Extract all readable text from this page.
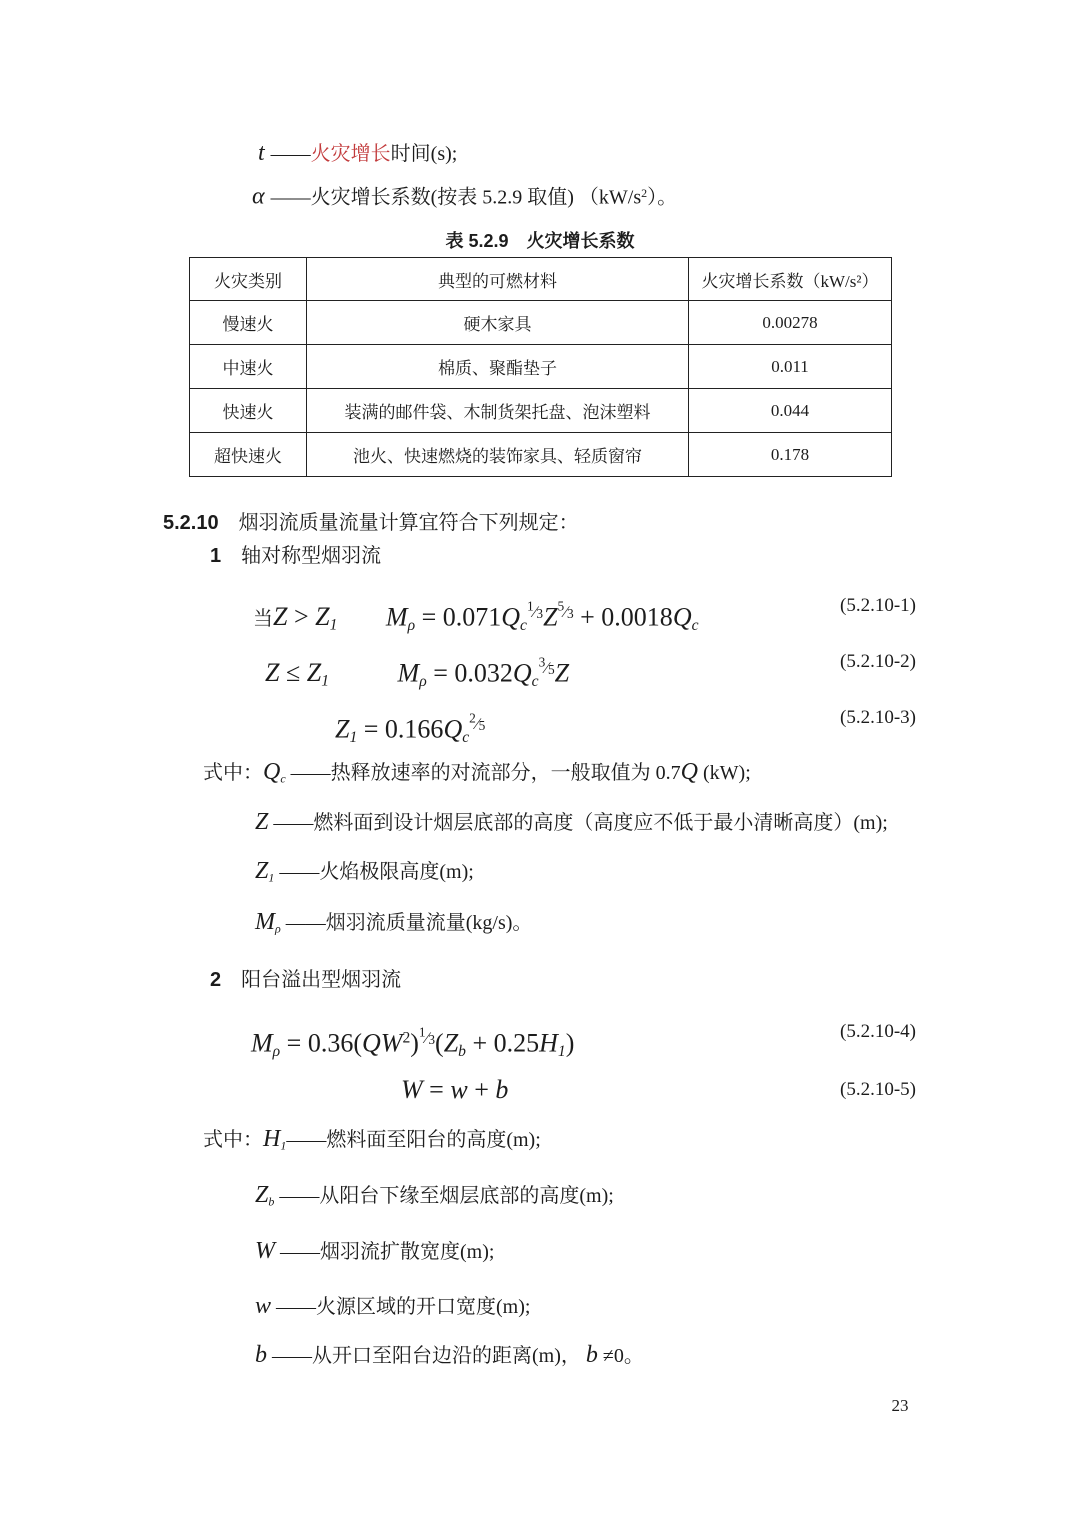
t ——火灾增长时间(s);
α ——火灾增长系数(按表 5.2.9 取值) $(kW/s^2)$。
表 5.2.9　火灾增长系数
火灾类别	典型的可燃材料	火灾增长系数（kW/s²）
慢速火	硬木家具	0.00278
中速火	棉质、聚酯垫子	0.011
快速火	装满的邮件袋、木制货架托盘、泡沫塑料	0.044
超快速火	池火、快速燃烧的装饰家具、轻质窗帘	0.178
5.2.10 烟羽流质量流量计算宜符合下列规定：
1 轴对称型烟羽流
当Z > Z1 $M\rho = 0.071Qc^{^1∕3}Z^{^5∕3} + 0.0018Qc$
(5.2.10-1)
Z ≤ Z1	$M\rho = 0.032Qc^{^3∕5}Z$	(5.2.10-2)
$Z1 = 0.166Qc^{^2∕5}$	(5.2.10-3)
式中：Qc ——热释放速率的对流部分，一般取值为 0.7Q (kW);
Z ——燃料面到设计烟层底部的高度（高度应不低于最小清晰高度）(m);
Z1 ——火焰极限高度(m);
Mρ ——烟羽流质量流量(kg/s)。
2 阳台溢出型烟羽流
$M\rho = 0.36(QW^2)^{^1∕3}(Zb + 0.25H1)$	(5.2.10-4)
W = w + b	(5.2.10-5)
式中：H1——燃料面至阳台的高度(m);
Zb ——从阳台下缘至烟层底部的高度(m);
W ——烟羽流扩散宽度(m);
w ——火源区域的开口宽度(m);
b ——从开口至阳台边沿的距离(m)， b ≠0。
23
